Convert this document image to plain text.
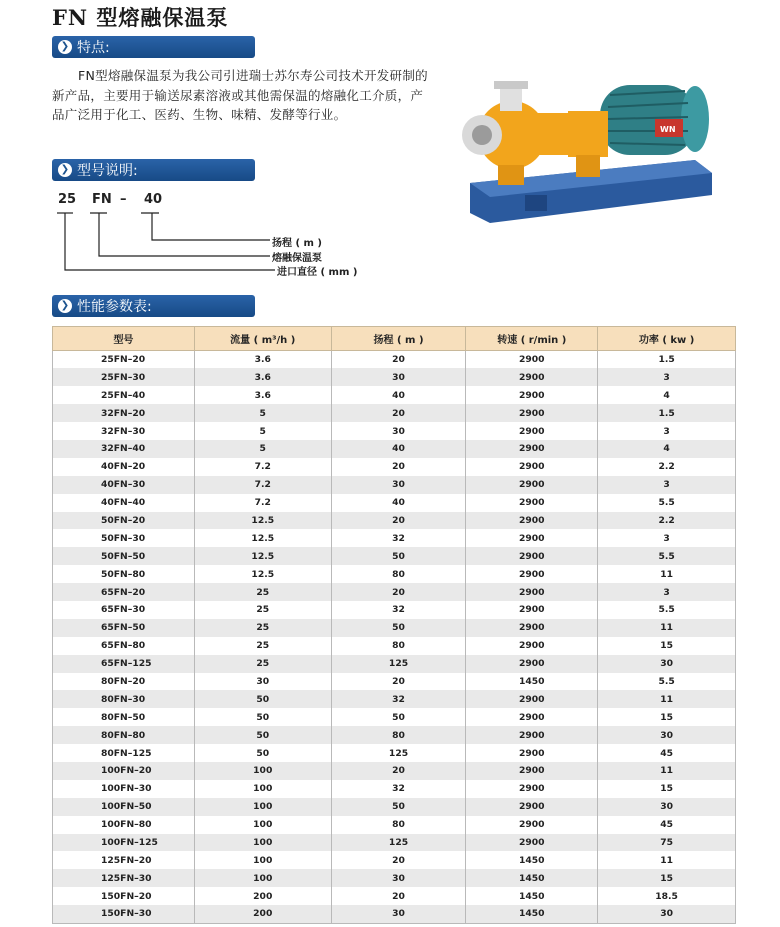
FN 型熔融保温泵
❯ 特点:
FN型熔融保温泵为我公司引进瑞士苏尔寿公司技术开发研制的新产品，主要用于输送尿素溶液或其他需保温的熔融化工介质，产品广泛用于化工、医药、生物、味精、发酵等行业。
WN
❯ 型号说明:
25 FN – 40
扬程 ( m )
熔融保温泵
进口直径 ( mm )
❯ 性能参数表:
型号	流量 ( m³/h )	扬程 ( m )	转速 ( r/min )	功率 ( kw )
25FN–20	3.6	20	2900	1.5
25FN–30	3.6	30	2900	3
25FN–40	3.6	40	2900	4
32FN–20	5	20	2900	1.5
32FN–30	5	30	2900	3
32FN–40	5	40	2900	4
40FN–20	7.2	20	2900	2.2
40FN–30	7.2	30	2900	3
40FN–40	7.2	40	2900	5.5
50FN–20	12.5	20	2900	2.2
50FN–30	12.5	32	2900	3
50FN–50	12.5	50	2900	5.5
50FN–80	12.5	80	2900	11
65FN–20	25	20	2900	3
65FN–30	25	32	2900	5.5
65FN–50	25	50	2900	11
65FN–80	25	80	2900	15
65FN–125	25	125	2900	30
80FN–20	30	20	1450	5.5
80FN–30	50	32	2900	11
80FN–50	50	50	2900	15
80FN–80	50	80	2900	30
80FN–125	50	125	2900	45
100FN–20	100	20	2900	11
100FN–30	100	32	2900	15
100FN–50	100	50	2900	30
100FN–80	100	80	2900	45
100FN–125	100	125	2900	75
125FN–20	100	20	1450	11
125FN–30	100	30	1450	15
150FN–20	200	20	1450	18.5
150FN–30	200	30	1450	30
